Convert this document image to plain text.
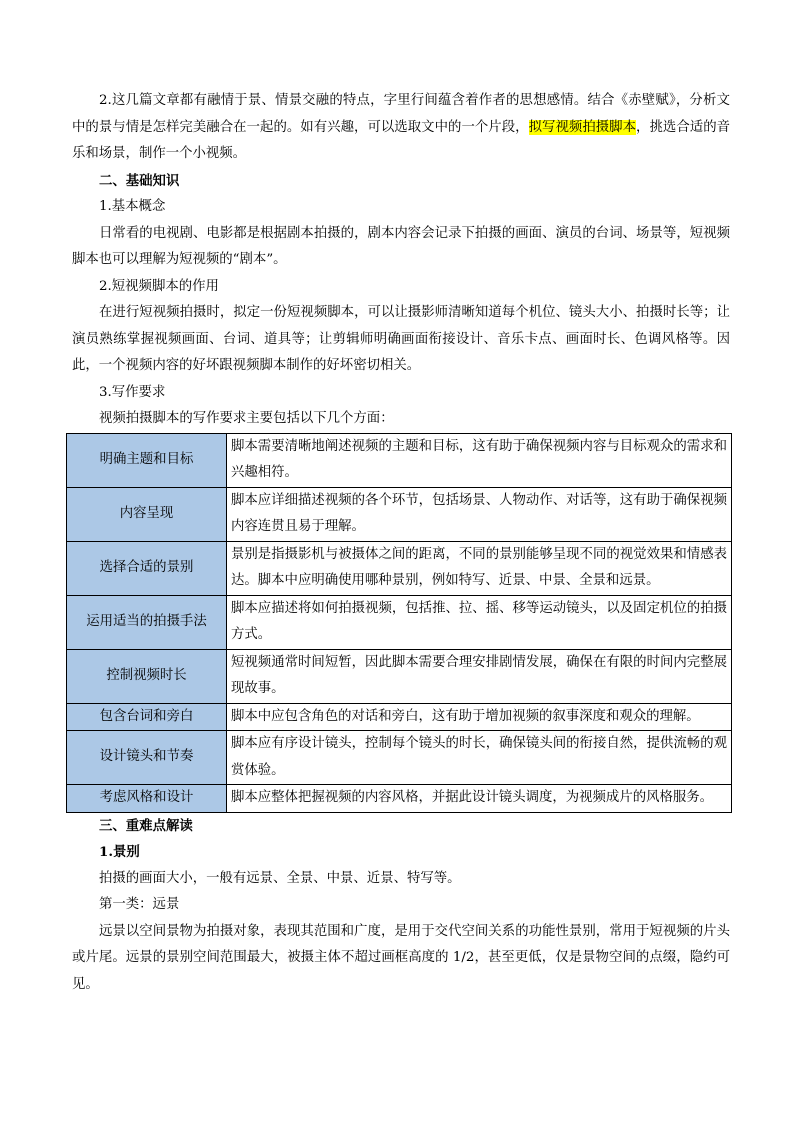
2.这几篇文章都有融情于景、情景交融的特点，字里行间蕴含着作者的思想感情。结合《赤壁赋》，分析文中的景与情是怎样完美融合在一起的。如有兴趣，可以选取文中的一个片段，拟写视频拍摄脚本，挑选合适的音乐和场景，制作一个小视频。

二、基础知识

1.基本概念

日常看的电视剧、电影都是根据剧本拍摄的，剧本内容会记录下拍摄的画面、演员的台词、场景等，短视频脚本也可以理解为短视频的“剧本”。

2.短视频脚本的作用

在进行短视频拍摄时，拟定一份短视频脚本，可以让摄影师清晰知道每个机位、镜头大小、拍摄时长等；让演员熟练掌握视频画面、台词、道具等；让剪辑师明确画面衔接设计、音乐卡点、画面时长、色调风格等。因此，一个视频内容的好坏跟视频脚本制作的好坏密切相关。

3.写作要求

视频拍摄脚本的写作要求主要包括以下几个方面：

明确主题和目标	脚本需要清晰地阐述视频的主题和目标，这有助于确保视频内容与目标观众的需求和兴趣相符。
内容呈现	脚本应详细描述视频的各个环节，包括场景、人物动作、对话等，这有助于确保视频内容连贯且易于理解。
选择合适的景别	景别是指摄影机与被摄体之间的距离，不同的景别能够呈现不同的视觉效果和情感表达。脚本中应明确使用哪种景别，例如特写、近景、中景、全景和远景。
运用适当的拍摄手法	脚本应描述将如何拍摄视频，包括推、拉、摇、移等运动镜头，以及固定机位的拍摄方式。
控制视频时长	短视频通常时间短暂，因此脚本需要合理安排剧情发展，确保在有限的时间内完整展现故事。
包含台词和旁白	脚本中应包含角色的对话和旁白，这有助于增加视频的叙事深度和观众的理解。
设计镜头和节奏	脚本应有序设计镜头，控制每个镜头的时长，确保镜头间的衔接自然，提供流畅的观赏体验。
考虑风格和设计	脚本应整体把握视频的内容风格，并据此设计镜头调度，为视频成片的风格服务。

三、重难点解读

1.景别

拍摄的画面大小，一般有远景、全景、中景、近景、特写等。

第一类：远景

远景以空间景物为拍摄对象，表现其范围和广度，是用于交代空间关系的功能性景别，常用于短视频的片头或片尾。远景的景别空间范围最大，被摄主体不超过画框高度的 1/2，甚至更低，仅是景物空间的点缀，隐约可见。
